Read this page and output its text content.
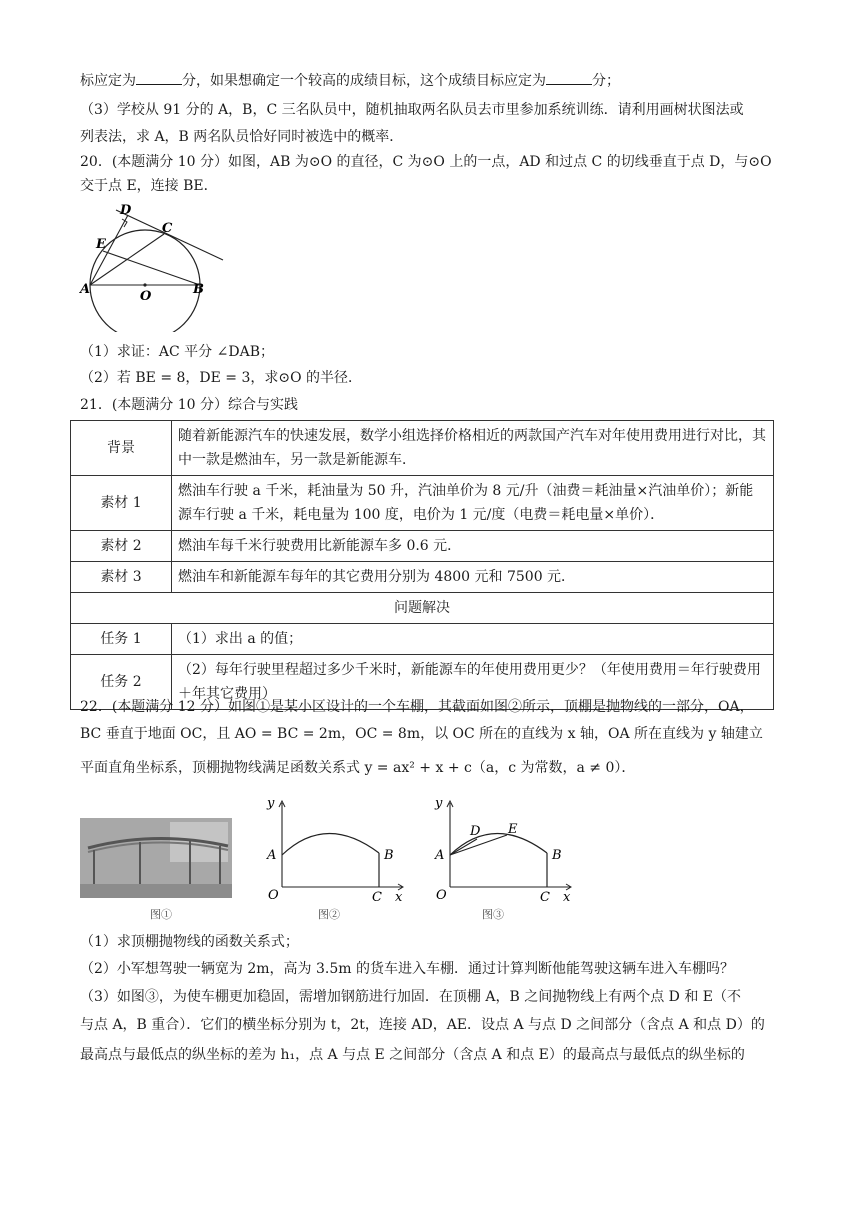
标应定为	分，如果想确定一个较高的成绩目标，这个成绩目标应定为	分；
（3）学校从 91 分的 A，B，C 三名队员中，随机抽取两名队员去市里参加系统训练．请利用画树状图法或
列表法，求 A，B 两名队员恰好同时被选中的概率．
20．(本题满分 10 分）如图，AB 为⊙O 的直径，C 为⊙O 上的一点，AD 和过点 C 的切线垂直于点 D，与⊙O
交于点 E，连接 BE．
D
C
E
A	O	B
（1）求证：AC 平分 ∠DAB；
（2）若 BE = 8，DE = 3，求⊙O 的半径．
21．(本题满分 10 分）综合与实践
背景	随着新能源汽车的快速发展，数学小组选择价格相近的两款国产汽车对年使用费用进行对比，其中一款是燃油车，另一款是新能源车．
素材 1	燃油车行驶 a 千米，耗油量为 50 升，汽油单价为 8 元/升（油费＝耗油量×汽油单价）；新能源车行驶 a 千米，耗电量为 100 度，电价为 1 元/度（电费＝耗电量×单价）．
素材 2	燃油车每千米行驶费用比新能源车多 0.6 元．
素材 3	燃油车和新能源车每年的其它费用分别为 4800 元和 7500 元．
问题解决	
任务 1	（1）求出 a 的值；
任务 2	（2）每年行驶里程超过多少千米时，新能源车的年使用费用更少？（年使用费用＝年行驶费用＋年其它费用）
22．(本题满分 12 分）如图①是某小区设计的一个车棚，其截面如图②所示，顶棚是抛物线的一部分，OA，
BC 垂直于地面 OC，且 AO = BC = 2m，OC = 8m，以 OC 所在的直线为 x 轴，OA 所在直线为 y 轴建立
平面直角坐标系，顶棚抛物线满足函数关系式 y = ax² + x + c（a，c 为常数，a ≠ 0）．
图①
y
A	B
O	C x
图②
y
D E
A	B
O	C x
图③
（1）求顶棚抛物线的函数关系式；
（2）小军想驾驶一辆宽为 2m，高为 3.5m 的货车进入车棚．通过计算判断他能驾驶这辆车进入车棚吗？
（3）如图③，为使车棚更加稳固，需增加钢筋进行加固．在顶棚 A，B 之间抛物线上有两个点 D 和 E（不
与点 A，B 重合）．它们的横坐标分别为 t，2t，连接 AD，AE．设点 A 与点 D 之间部分（含点 A 和点 D）的
最高点与最低点的纵坐标的差为 h₁，点 A 与点 E 之间部分（含点 A 和点 E）的最高点与最低点的纵坐标的
